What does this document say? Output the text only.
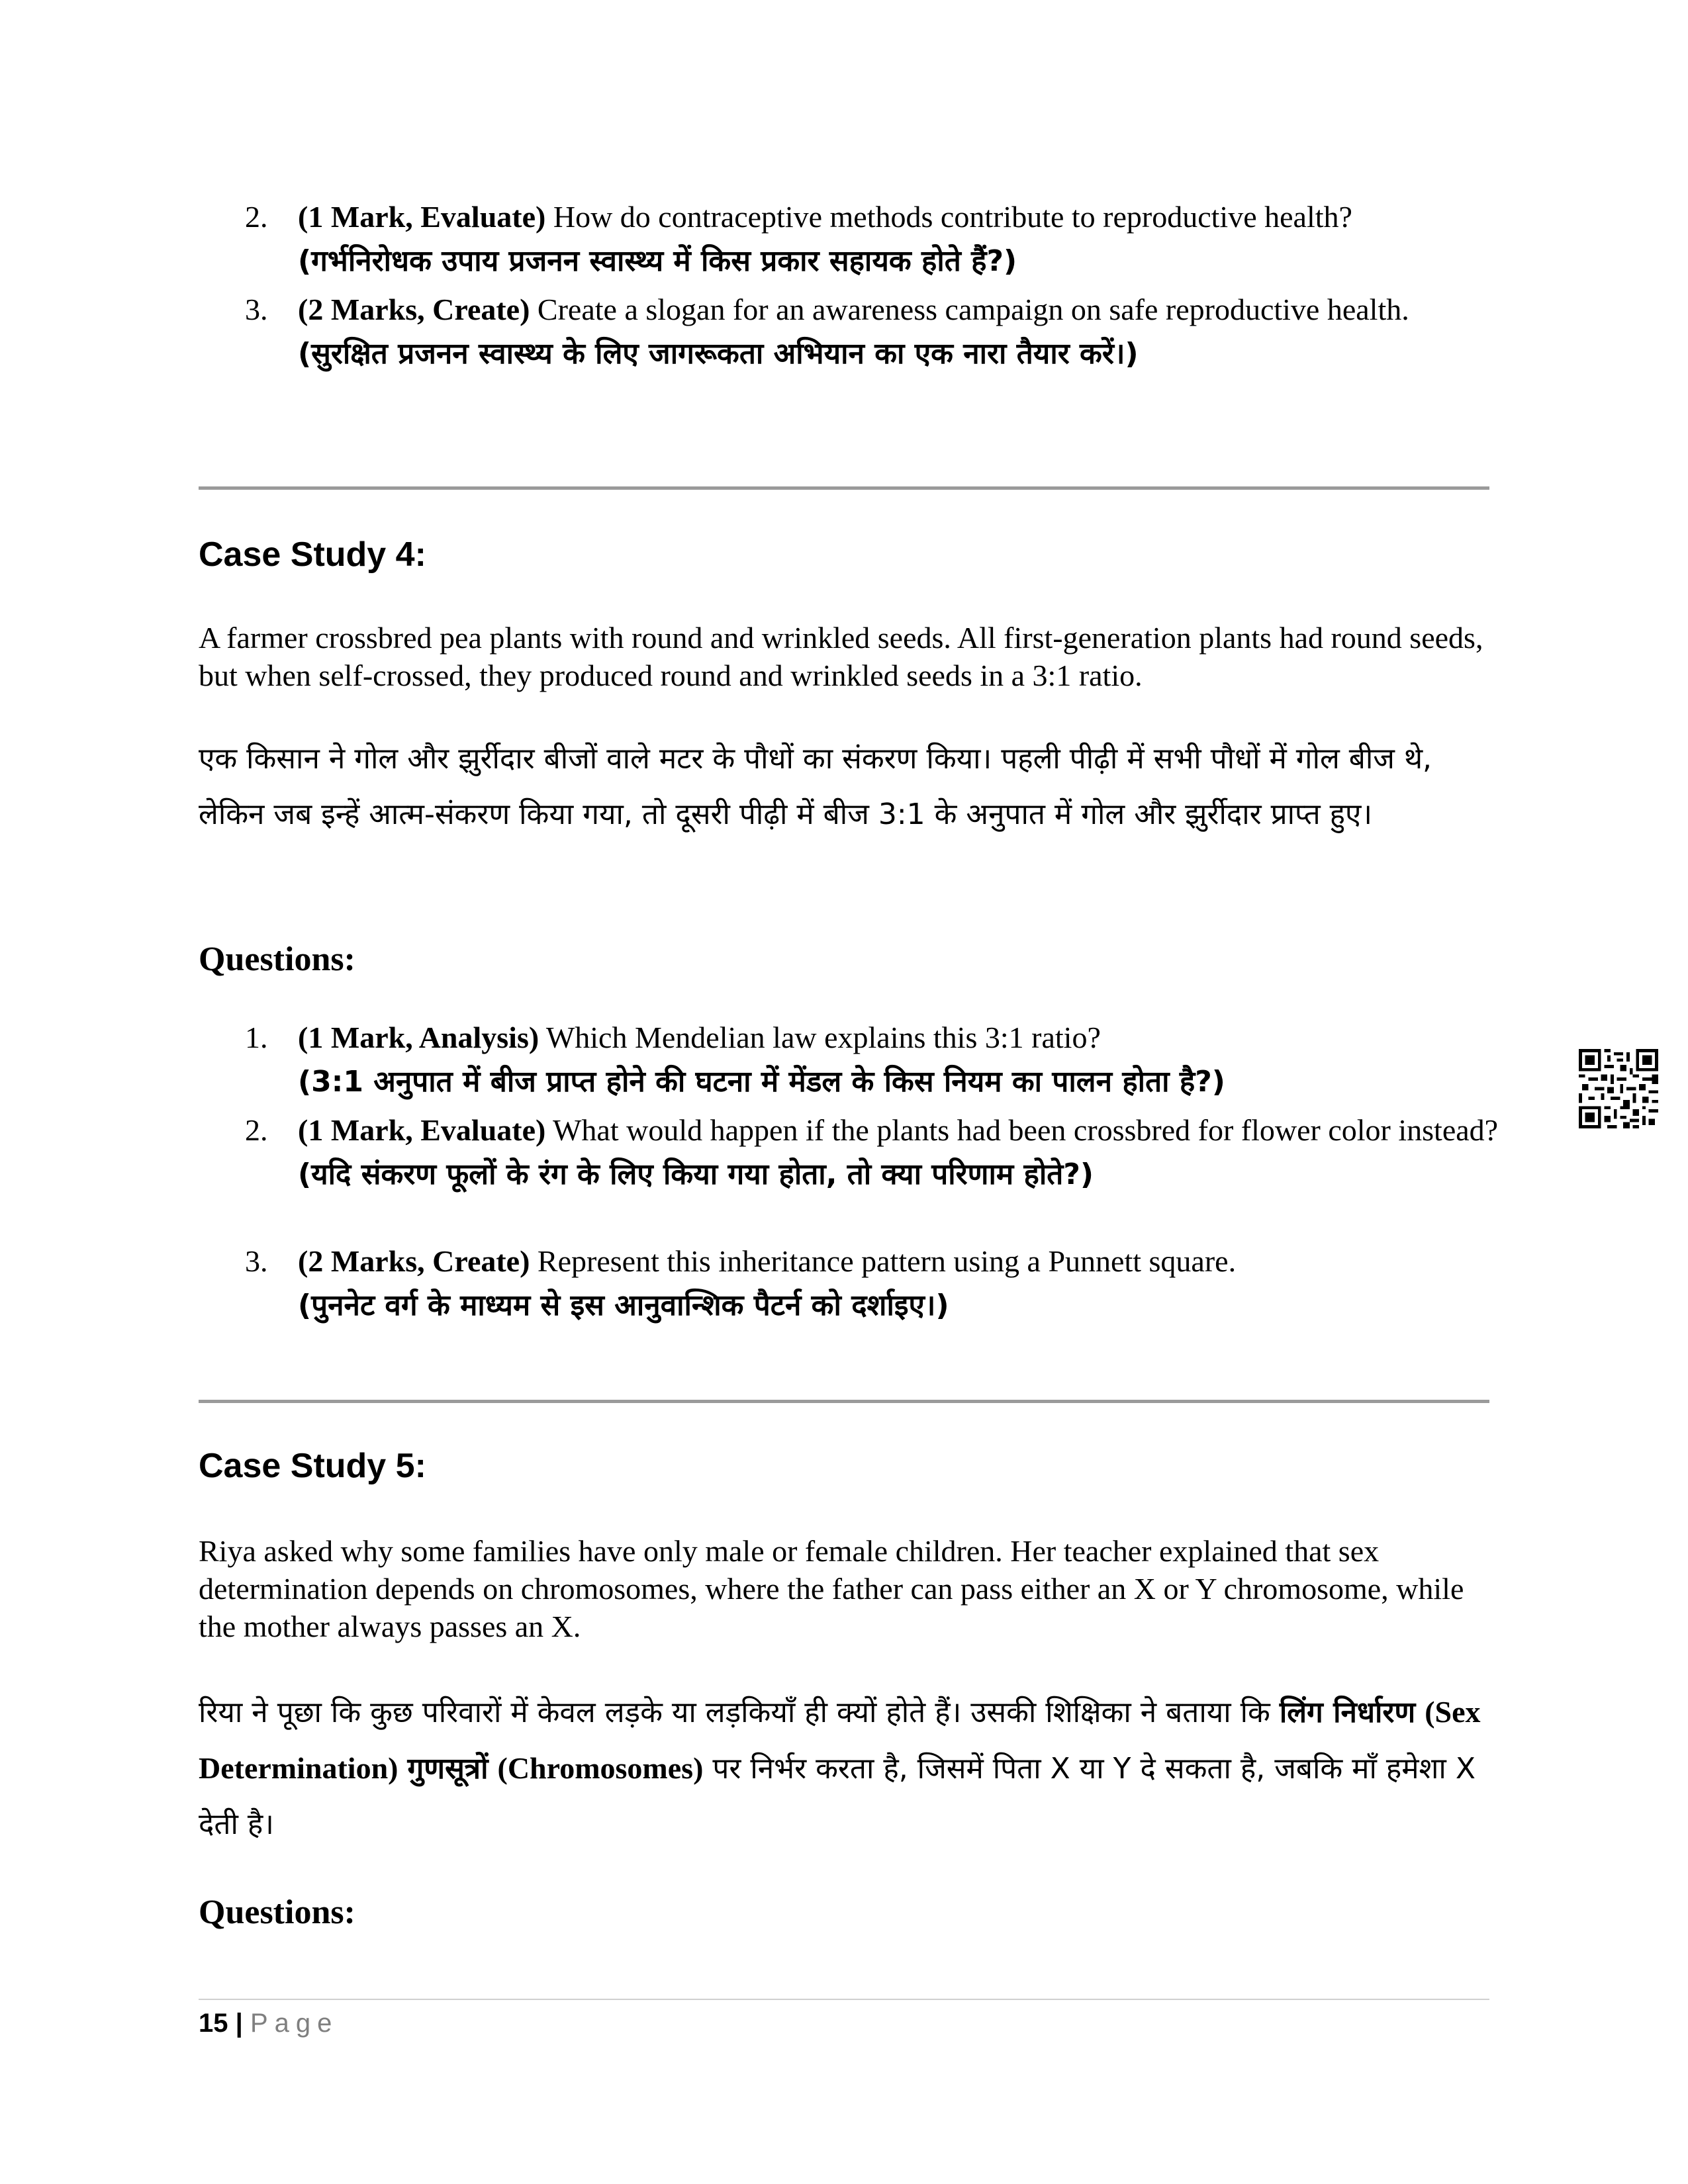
2. (1 Mark, Evaluate) How do contraceptive methods contribute to reproductive health?
(गर्भनिरोधक उपाय प्रजनन स्वास्थ्य में किस प्रकार सहायक होते हैं?)
3. (2 Marks, Create) Create a slogan for an awareness campaign on safe reproductive health.
(सुरक्षित प्रजनन स्वास्थ्य के लिए जागरूकता अभियान का एक नारा तैयार करें।)
Case Study 4:
A farmer crossbred pea plants with round and wrinkled seeds. All first-generation plants had round seeds, but when self-crossed, they produced round and wrinkled seeds in a 3:1 ratio.
एक किसान ने गोल और झुर्रीदार बीजों वाले मटर के पौधों का संकरण किया। पहली पीढ़ी में सभी पौधों में गोल बीज थे, लेकिन जब इन्हें आत्म-संकरण किया गया, तो दूसरी पीढ़ी में बीज 3:1 के अनुपात में गोल और झुर्रीदार प्राप्त हुए।
Questions:
1. (1 Mark, Analysis) Which Mendelian law explains this 3:1 ratio?
(3:1 अनुपात में बीज प्राप्त होने की घटना में मेंडल के किस नियम का पालन होता है?)
2. (1 Mark, Evaluate) What would happen if the plants had been crossbred for flower color instead?
(यदि संकरण फूलों के रंग के लिए किया गया होता, तो क्या परिणाम होते?)
3. (2 Marks, Create) Represent this inheritance pattern using a Punnett square.
(पुननेट वर्ग के माध्यम से इस आनुवान्शिक पैटर्न को दर्शाइए।)
Case Study 5:
Riya asked why some families have only male or female children. Her teacher explained that sex determination depends on chromosomes, where the father can pass either an X or Y chromosome, while the mother always passes an X.
रिया ने पूछा कि कुछ परिवारों में केवल लड़के या लड़कियाँ ही क्यों होते हैं। उसकी शिक्षिका ने बताया कि लिंग निर्धारण (Sex Determination) गुणसूत्रों (Chromosomes) पर निर्भर करता है, जिसमें पिता X या Y दे सकता है, जबकि माँ हमेशा X देती है।
Questions:
15 | Page
